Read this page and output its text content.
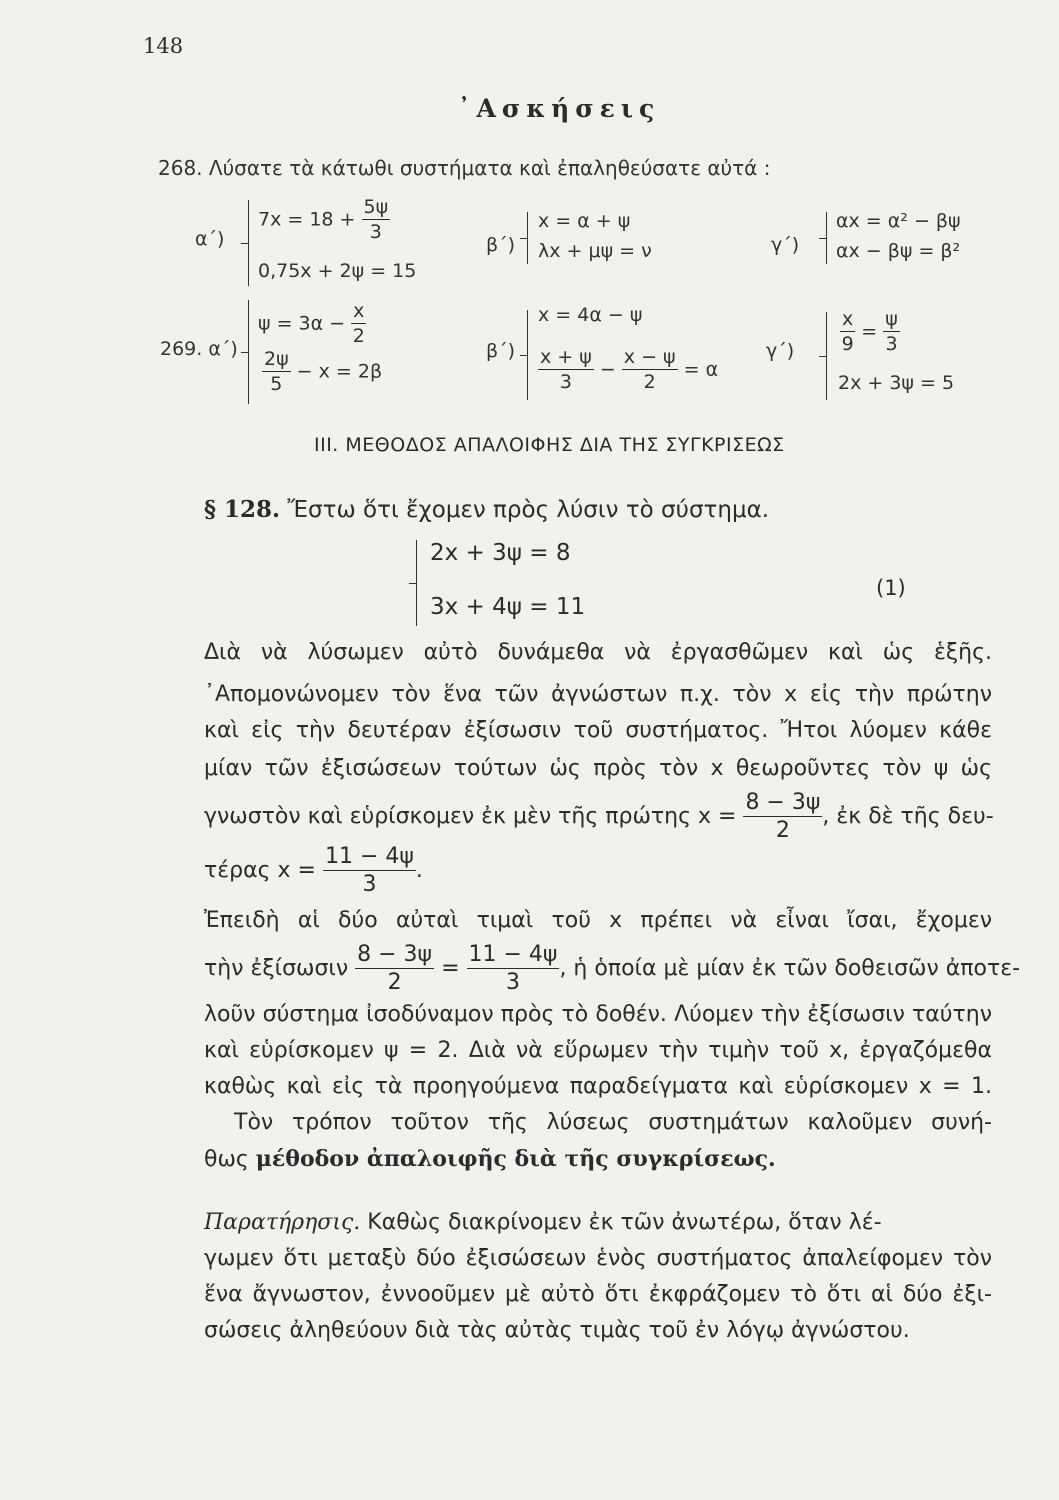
148
᾿Ασκήσεις
268. Λύσατε τὰ κάτωθι συστήματα καὶ ἐπαληθεύσατε αὐτά :
α΄)
$7x = 18 + \frac{5\psi}{3}$
0,75x + 2ψ = 15
β΄)
x = α + ψ
λx + μψ = ν	γ΄)
αx = α² − βψ
αx − βψ = β²
269. α΄)
$\psi = 3\alpha - \frac{x}{2}$
$\frac{2\psi}{5} - x = 2\beta$
β΄)
x = 4α − ψ
$\frac{x + \psi}{3} - \frac{x - \psi}{2} = \alpha$
$\gamma΄) \frac{x}{9} = \frac{\psi}{3}$
2x + 3ψ = 5
III. ΜΕΘΟΔΟΣ ΑΠΑΛΟΙΦΗΣ ΔΙΑ ΤΗΣ ΣΥΓΚΡΙΣΕΩΣ
§ 128. Ἔστω ὅτι ἔχομεν πρὸς λύσιν τὸ σύστημα.
2x + 3ψ = 8
3x + 4ψ = 11
(1)
Διὰ νὰ λύσωμεν αὐτὸ δυνάμεθα νὰ ἐργασθῶμεν καὶ ὡς ἑξῆς.
᾿Απομονώνομεν τὸν ἕνα τῶν ἀγνώστων π.χ. τὸν x εἰς τὴν πρώτην
καὶ εἰς τὴν δευτέραν ἐξίσωσιν τοῦ συστήματος. Ἤτοι λύομεν κάθε
μίαν τῶν ἐξισώσεων τούτων ὡς πρὸς τὸν x θεωροῦντες τὸν ψ ὡς
γνωστὸν καὶ εὑρίσκομεν ἐκ μὲν τῆς πρώτης $x = \frac{8 - 3\psi}{2}$ , ἐκ δὲ τῆς δευ-
τέρας $x = \frac{11 - 4\psi}{3}$ .
Ἐπειδὴ αἱ δύο αὐταὶ τιμαὶ τοῦ x πρέπει νὰ εἶναι ἴσαι, ἔχομεν
τὴν ἐξίσωσιν $\frac{8 - 3\psi}{2} = \frac{11 - 4\psi}{3}$ , ἡ ὁποία μὲ μίαν ἐκ τῶν δοθεισῶν ἀποτε-
λοῦν σύστημα ἰσοδύναμον πρὸς τὸ δοθέν. Λύομεν τὴν ἐξίσωσιν ταύτην
καὶ εὑρίσκομεν ψ = 2. Διὰ νὰ εὕρωμεν τὴν τιμὴν τοῦ x, ἐργαζόμεθα
καθὼς καὶ εἰς τὰ προηγούμενα παραδείγματα καὶ εὑρίσκομεν x = 1.
Τὸν τρόπον τοῦτον τῆς λύσεως συστημάτων καλοῦμεν συνή-
θως μέθοδον ἀπαλοιφῆς διὰ τῆς συγκρίσεως.
Παρατήρησις. Καθὼς διακρίνομεν ἐκ τῶν ἀνωτέρω, ὅταν λέ-
γωμεν ὅτι μεταξὺ δύο ἐξισώσεων ἑνὸς συστήματος ἀπαλείφομεν τὸν
ἕνα ἄγνωστον, ἐννοοῦμεν μὲ αὐτὸ ὅτι ἐκφράζομεν τὸ ὅτι αἱ δύο ἐξι-
σώσεις ἀληθεύουν διὰ τὰς αὐτὰς τιμὰς τοῦ ἐν λόγῳ ἀγνώστου.
